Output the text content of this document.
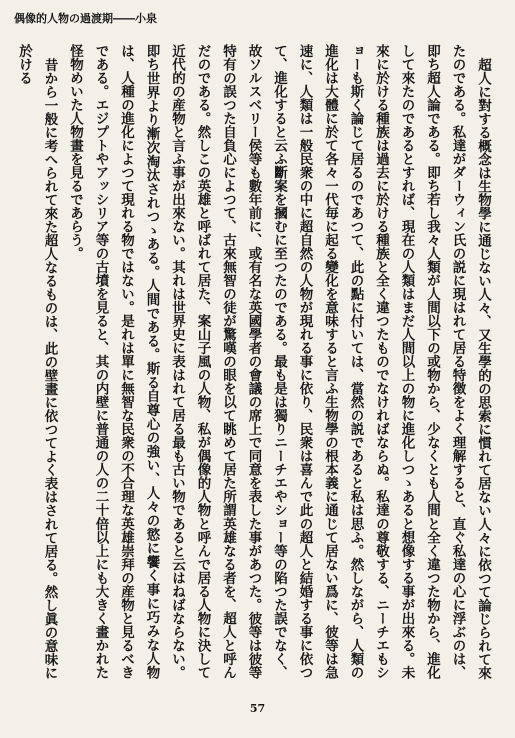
偶像的人物の過渡期――小泉

超人に對する概念は生物學に通じない人々、又生學的の思索に慣れて居ない人々に依つて論じられて來たのである。私達がダーウィン氏の説に現はれて居る特徴をよく理解すると、直ぐ私達の心に浮ぶのは、即ち超人論である。即ち若し我々人類が人間以下の或物から、少なくとも人間と全く違つた物から、進化して來たのであるとすれば、現在の人類はまだ人間以上の物に進化しつゝあると想像する事が出來る。未來に於ける種族は過去に於ける種族と全く違つたものでなければならぬ。私達の尊敬する、ニーチエもショーも斯く論じて居るのであつて、此の點に付いては、當然の説であると私は思ふ。然しながら、人類の進化は大體に於て各々一代毎に起る變化を意味すると言ふ生物學の根本義に通じて居ない爲に、彼等は急速に、人類は一般民衆の中に超自然の人物が現れる事に依り、民衆は喜んで此の超人と結婚する事に依つて、進化すると云ふ斷案を摑むに至つたのである。最も是は獨りニーチエやショー等の陷つた誤でなく、故ソルスベリー侯等も數年前に、或有名な英國學者の會議の席上で同意を表した事があつた。彼等は彼等特有の誤つた自負心によつて、古來無智の徒が驚嘆の眼を以て眺めて居た所謂英雄なる者を、超人と呼んだのである。然しこの英雄と呼ばれて居た、案山子風の人物、私が偶像的人物と呼んで居る人物に決して近代的の産物と言ふ事が出來ない。其れは世界史に表はれて居る最も古い物であると云はねばならない。即ち世界より漸次淘汰されつゝある。人間である。斯る自尊心の強い、人々の慾に饗く事に巧みな人物は、人種の進化によつて現れる物ではない。是れは單に無智な民衆の不合理な英雄崇拜の産物と見るべきである。エジプトやアッシリア等の古墳を見ると、其の内壁に普通の人の二十倍以上にも大きく畫かれた怪物めいた人物畫を見るであらう。

昔から一般に考へられて來た超人なるものは、此の壁畫に依つてよく表はされて居る。然し眞の意味に於ける

57
